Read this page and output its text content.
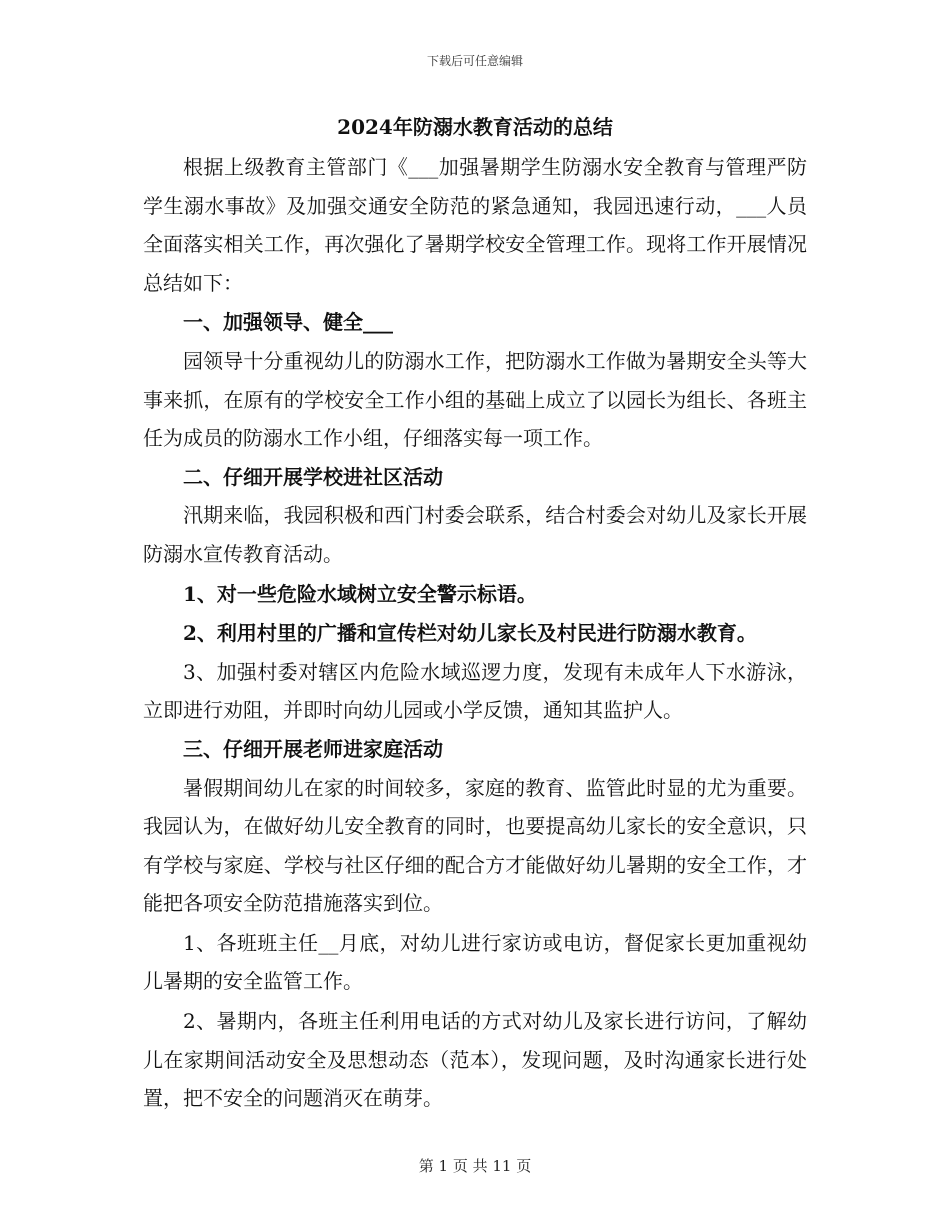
下载后可任意编辑
2024年防溺水教育活动的总结

根据上级教育主管部门《___加强暑期学生防溺水安全教育与管理严防学生溺水事故》及加强交通安全防范的紧急通知，我园迅速行动，___人员全面落实相关工作，再次强化了暑期学校安全管理工作。现将工作开展情况总结如下：

一、加强领导、健全___

园领导十分重视幼儿的防溺水工作，把防溺水工作做为暑期安全头等大事来抓，在原有的学校安全工作小组的基础上成立了以园长为组长、各班主任为成员的防溺水工作小组，仔细落实每一项工作。

二、仔细开展学校进社区活动

汛期来临，我园积极和西门村委会联系，结合村委会对幼儿及家长开展防溺水宣传教育活动。

1、对一些危险水域树立安全警示标语。

2、利用村里的广播和宣传栏对幼儿家长及村民进行防溺水教育。

3、加强村委对辖区内危险水域巡逻力度，发现有未成年人下水游泳，立即进行劝阻，并即时向幼儿园或小学反馈，通知其监护人。

三、仔细开展老师进家庭活动

暑假期间幼儿在家的时间较多，家庭的教育、监管此时显的尤为重要。我园认为，在做好幼儿安全教育的同时，也要提高幼儿家长的安全意识，只有学校与家庭、学校与社区仔细的配合方才能做好幼儿暑期的安全工作，才能把各项安全防范措施落实到位。

1、各班班主任__月底，对幼儿进行家访或电访，督促家长更加重视幼儿暑期的安全监管工作。

2、暑期内，各班主任利用电话的方式对幼儿及家长进行访问，了解幼儿在家期间活动安全及思想动态（范本），发现问题，及时沟通家长进行处置，把不安全的问题消灭在萌芽。

第 1 页 共 11 页
